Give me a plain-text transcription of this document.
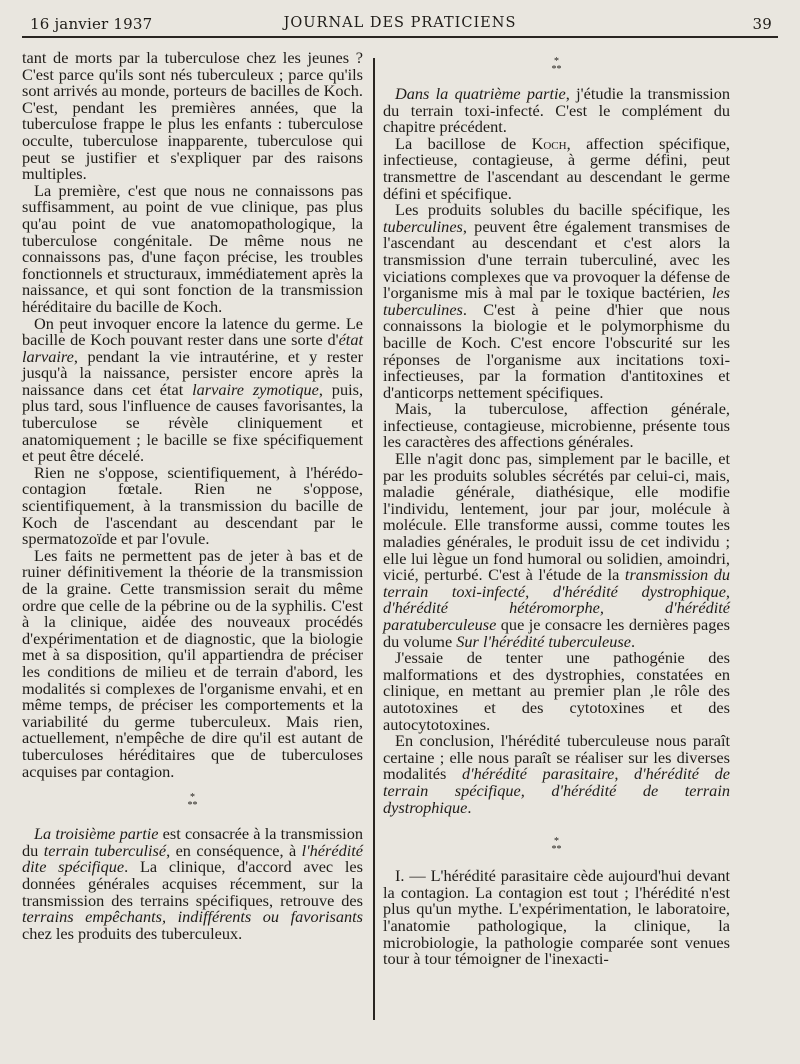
16 janvier 1937	JOURNAL DES PRATICIENS	39

tant de morts par la tuberculose chez les jeunes ? C'est parce qu'ils sont nés tuberculeux ; parce qu'ils sont arrivés au monde, porteurs de bacilles de Koch. C'est, pendant les premières années, que la tuberculose frappe le plus les enfants : tuberculose occulte, tuberculose inapparente, tuberculose qui peut se justifier et s'expliquer par des raisons multiples.

La première, c'est que nous ne connaissons pas suffisamment, au point de vue clinique, pas plus qu'au point de vue anatomopathologique, la tuberculose congénitale. De même nous ne connaissons pas, d'une façon précise, les troubles fonctionnels et structuraux, immédiatement après la naissance, et qui sont fonction de la transmission héréditaire du bacille de Koch.

On peut invoquer encore la latence du germe. Le bacille de Koch pouvant rester dans une sorte d'état larvaire, pendant la vie intrautérine, et y rester jusqu'à la naissance, persister encore après la naissance dans cet état larvaire zymotique, puis, plus tard, sous l'influence de causes favorisantes, la tuberculose se révèle cliniquement et anatomiquement ; le bacille se fixe spécifiquement et peut être décelé.

Rien ne s'oppose, scientifiquement, à l'hérédo-contagion fœtale. Rien ne s'oppose, scientifiquement, à la transmission du bacille de Koch de l'ascendant au descendant par le spermatozoïde et par l'ovule.

Les faits ne permettent pas de jeter à bas et de ruiner définitivement la théorie de la transmission de la graine. Cette transmission serait du même ordre que celle de la pébrine ou de la syphilis. C'est à la clinique, aidée des nouveaux procédés d'expérimentation et de diagnostic, que la biologie met à sa disposition, qu'il appartiendra de préciser les conditions de milieu et de terrain d'abord, les modalités si complexes de l'organisme envahi, et en même temps, de préciser les comportements et la variabilité du germe tuberculeux. Mais rien, actuellement, n'empêche de dire qu'il est autant de tuberculoses héréditaires que de tuberculoses acquises par contagion.

*
**

La troisième partie est consacrée à la transmission du terrain tuberculisé, en conséquence, à l'hérédité dite spécifique. La clinique, d'accord avec les données générales acquises récemment, sur la transmission des terrains spécifiques, retrouve des terrains empêchants, indifférents ou favorisants chez les produits des tuberculeux.

*
**

Dans la quatrième partie, j'étudie la transmission du terrain toxi-infecté. C'est le complément du chapitre précédent.

La bacillose de Koch, affection spécifique, infectieuse, contagieuse, à germe défini, peut transmettre de l'ascendant au descendant le germe défini et spécifique.

Les produits solubles du bacille spécifique, les tuberculines, peuvent être également transmises de l'ascendant au descendant et c'est alors la transmission d'une terrain tuberculiné, avec les viciations complexes que va provoquer la défense de l'organisme mis à mal par le toxique bactérien, les tuberculines. C'est à peine d'hier que nous connaissons la biologie et le polymorphisme du bacille de Koch. C'est encore l'obscurité sur les réponses de l'organisme aux incitations toxi-infectieuses, par la formation d'antitoxines et d'anticorps nettement spécifiques.

Mais, la tuberculose, affection générale, infectieuse, contagieuse, microbienne, présente tous les caractères des affections générales.

Elle n'agit donc pas, simplement par le bacille, et par les produits solubles sécrétés par celui-ci, mais, maladie générale, diathésique, elle modifie l'individu, lentement, jour par jour, molécule à molécule. Elle transforme aussi, comme toutes les maladies générales, le produit issu de cet individu ; elle lui lègue un fond humoral ou solidien, amoindri, vicié, perturbé. C'est à l'étude de la transmission du terrain toxi-infecté, d'hérédité dystrophique, d'hérédité hétéromorphe, d'hérédité paratuberculeuse que je consacre les dernières pages du volume Sur l'hérédité tuberculeuse.

J'essaie de tenter une pathogénie des malformations et des dystrophies, constatées en clinique, en mettant au premier plan ,le rôle des autotoxines et des cytotoxines et des autocytotoxines.

En conclusion, l'hérédité tuberculeuse nous paraît certaine ; elle nous paraît se réaliser sur les diverses modalités d'hérédité parasitaire, d'hérédité de terrain spécifique, d'hérédité de terrain dystrophique.

*
**

I. — L'hérédité parasitaire cède aujourd'hui devant la contagion. La contagion est tout ; l'hérédité n'est plus qu'un mythe. L'expérimentation, le laboratoire, l'anatomie pathologique, la clinique, la microbiologie, la pathologie comparée sont venues tour à tour témoigner de l'inexacti-
